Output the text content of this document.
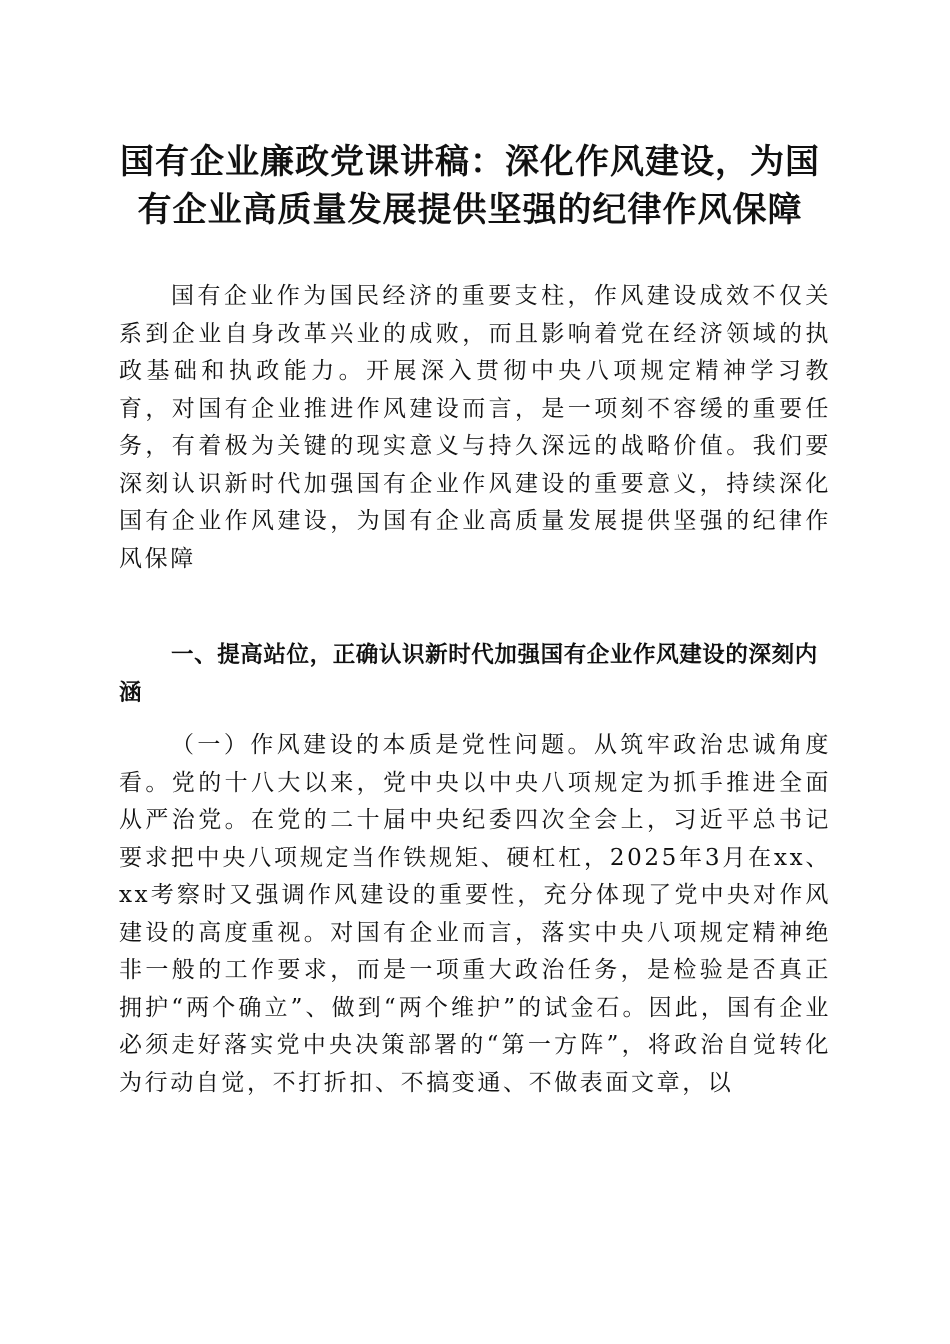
国有企业廉政党课讲稿：深化作风建设，为国有企业高质量发展提供坚强的纪律作风保障

国有企业作为国民经济的重要支柱，作风建设成效不仅关系到企业自身改革兴业的成败，而且影响着党在经济领域的执政基础和执政能力。开展深入贯彻中央八项规定精神学习教育，对国有企业推进作风建设而言，是一项刻不容缓的重要任务，有着极为关键的现实意义与持久深远的战略价值。我们要深刻认识新时代加强国有企业作风建设的重要意义，持续深化国有企业作风建设，为国有企业高质量发展提供坚强的纪律作风保障

一、提高站位，正确认识新时代加强国有企业作风建设的深刻内涵

（一）作风建设的本质是党性问题。从筑牢政治忠诚角度看。党的十八大以来，党中央以中央八项规定为抓手推进全面从严治党。在党的二十届中央纪委四次全会上，习近平总书记要求把中央八项规定当作铁规矩、硬杠杠，2025年3月在xx、xx考察时又强调作风建设的重要性，充分体现了党中央对作风建设的高度重视。对国有企业而言，落实中央八项规定精神绝非一般的工作要求，而是一项重大政治任务，是检验是否真正拥护“两个确立”、做到“两个维护”的试金石。因此，国有企业必须走好落实党中央决策部署的“第一方阵”，将政治自觉转化为行动自觉，不打折扣、不搞变通、不做表面文章，以
